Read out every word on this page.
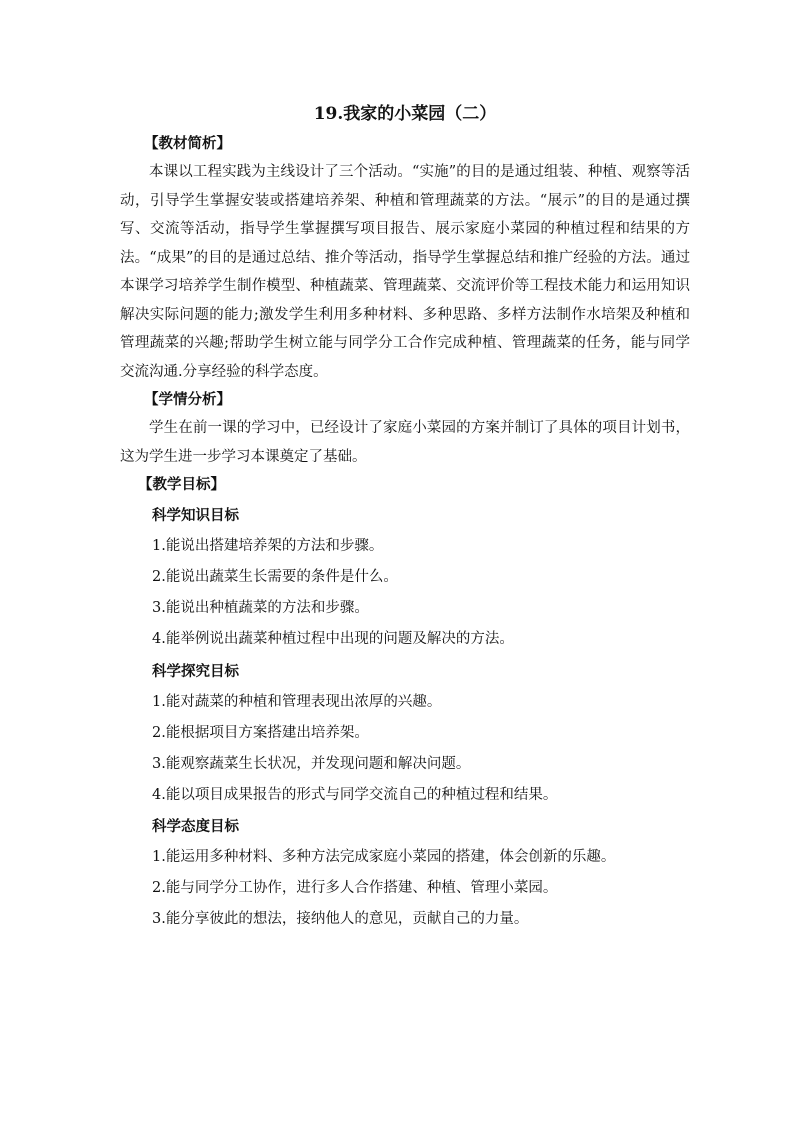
19.我家的小菜园（二）

【教材简析】

本课以工程实践为主线设计了三个活动。“实施”的目的是通过组装、种植、观察等活动，引导学生掌握安装或搭建培养架、种植和管理蔬菜的方法。“展示”的目的是通过撰写、交流等活动，指导学生掌握撰写项目报告、展示家庭小菜园的种植过程和结果的方法。“成果”的目的是通过总结、推介等活动，指导学生掌握总结和推广经验的方法。通过本课学习培养学生制作模型、种植蔬菜、管理蔬菜、交流评价等工程技术能力和运用知识解决实际问题的能力;激发学生利用多种材料、多种思路、多样方法制作水培架及种植和管理蔬菜的兴趣;帮助学生树立能与同学分工合作完成种植、管理蔬菜的任务，能与同学交流沟通.分享经验的科学态度。

【学情分析】

学生在前一课的学习中，已经设计了家庭小菜园的方案并制订了具体的项目计划书，这为学生进一步学习本课奠定了基础。

【教学目标】

科学知识目标

1.能说出搭建培养架的方法和步骤。

2.能说出蔬菜生长需要的条件是什么。

3.能说出种植蔬菜的方法和步骤。

4.能举例说出蔬菜种植过程中出现的问题及解决的方法。

科学探究目标

1.能对蔬菜的种植和管理表现出浓厚的兴趣。

2.能根据项目方案搭建出培养架。

3.能观察蔬菜生长状况，并发现问题和解决问题。

4.能以项目成果报告的形式与同学交流自己的种植过程和结果。

科学态度目标

1.能运用多种材料、多种方法完成家庭小菜园的搭建，体会创新的乐趣。

2.能与同学分工协作，进行多人合作搭建、种植、管理小菜园。

3.能分享彼此的想法，接纳他人的意见，贡献自己的力量。
